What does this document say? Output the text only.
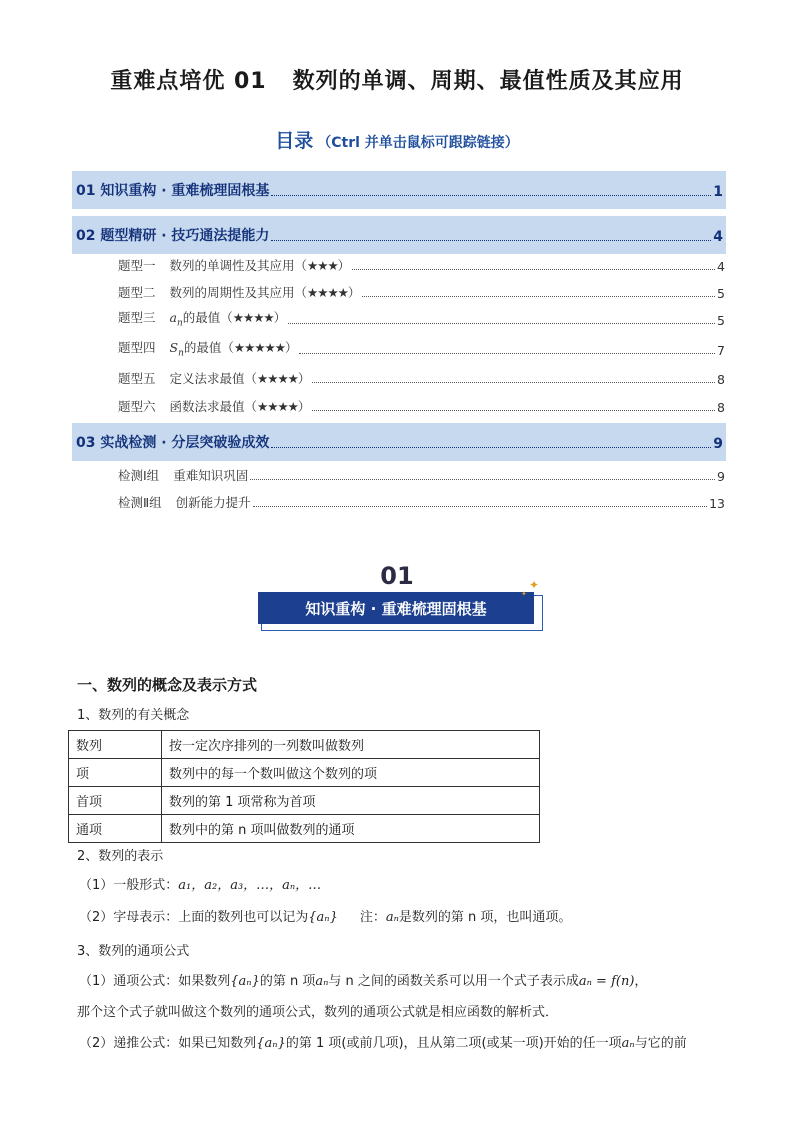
重难点培优 01 数列的单调、周期、最值性质及其应用
目录 （Ctrl 并单击鼠标可跟踪链接）
01 知识重构 · 重难梳理固根基	1
02 题型精研 · 技巧通法提能力	4
题型一 数列的单调性及其应用（★★★）	4
题型二 数列的周期性及其应用（★★★★）	5
题型三 $a_n$的最值（★★★★）	5
题型四 $S_n$的最值（★★★★★）	7
题型五 定义法求最值（★★★★）	8
题型六 函数法求最值（★★★★）	8
03 实战检测 · 分层突破验成效	9
检测Ⅰ组 重难知识巩固	9
检测Ⅱ组 创新能力提升	13
01
知识重构 · 重难梳理固根基
✦
✦
一、数列的概念及表示方式
1、数列的有关概念
数列	按一定次序排列的一列数叫做数列
项	数列中的每一个数叫做这个数列的项
首项	数列的第 1 项常称为首项
通项	数列中的第 n 项叫做数列的通项
2、数列的表示
（1）一般形式：a₁，a₂，a₃，…，aₙ，…
（2）字母表示：上面的数列也可以记为{aₙ} 注：aₙ是数列的第 n 项，也叫通项。
3、数列的通项公式
（1）通项公式：如果数列{aₙ}的第 n 项aₙ与 n 之间的函数关系可以用一个式子表示成aₙ = f(n)，
那个这个式子就叫做这个数列的通项公式，数列的通项公式就是相应函数的解析式．
（2）递推公式：如果已知数列{aₙ}的第 1 项(或前几项)，且从第二项(或某一项)开始的任一项aₙ与它的前
